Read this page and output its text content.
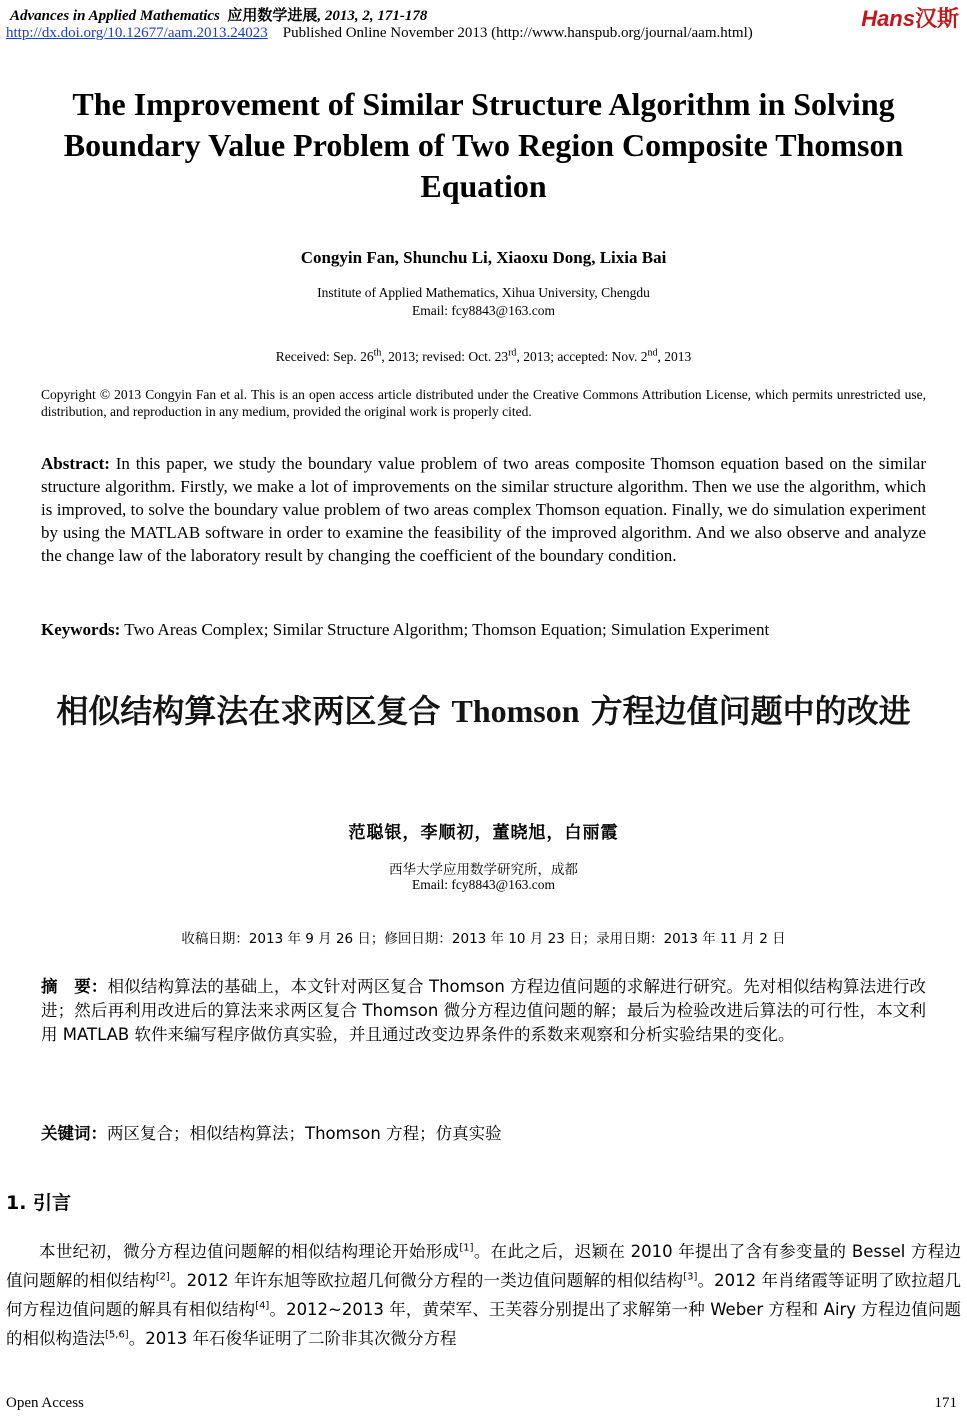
Advances in Applied Mathematics 应用数学进展, 2013, 2, 171-178	Hans汉斯
http://dx.doi.org/10.12677/aam.2013.24023 Published Online November 2013 (http://www.hanspub.org/journal/aam.html)
The Improvement of Similar Structure Algorithm in Solving Boundary Value Problem of Two Region Composite Thomson Equation
Congyin Fan, Shunchu Li, Xiaoxu Dong, Lixia Bai
Institute of Applied Mathematics, Xihua University, Chengdu
Email: fcy8843@163.com
Received: Sep. 26th, 2013; revised: Oct. 23rd, 2013; accepted: Nov. 2nd, 2013
Copyright © 2013 Congyin Fan et al. This is an open access article distributed under the Creative Commons Attribution License, which permits unrestricted use, distribution, and reproduction in any medium, provided the original work is properly cited.
Abstract: In this paper, we study the boundary value problem of two areas composite Thomson equation based on the similar structure algorithm. Firstly, we make a lot of improvements on the similar structure algorithm. Then we use the algorithm, which is improved, to solve the boundary value problem of two areas complex Thomson equation. Finally, we do simulation experiment by using the MATLAB software in order to examine the feasibility of the improved algorithm. And we also observe and analyze the change law of the laboratory result by changing the coefficient of the boundary condition.
Keywords: Two Areas Complex; Similar Structure Algorithm; Thomson Equation; Simulation Experiment
相似结构算法在求两区复合 Thomson 方程边值问题中的改进
范聪银，李顺初，董晓旭，白丽霞
西华大学应用数学研究所，成都
Email: fcy8843@163.com
收稿日期：2013 年 9 月 26 日；修回日期：2013 年 10 月 23 日；录用日期：2013 年 11 月 2 日
摘　要：相似结构算法的基础上，本文针对两区复合 Thomson 方程边值问题的求解进行研究。先对相似结构算法进行改进；然后再利用改进后的算法来求两区复合 Thomson 微分方程边值问题的解；最后为检验改进后算法的可行性，本文利用 MATLAB 软件来编写程序做仿真实验，并且通过改变边界条件的系数来观察和分析实验结果的变化。
关键词：两区复合；相似结构算法；Thomson 方程；仿真实验
1. 引言

本世纪初，微分方程边值问题解的相似结构理论开始形成[1]。在此之后，迟颖在 2010 年提出了含有参变量的 Bessel 方程边值问题解的相似结构[2]。2012 年许东旭等欧拉超几何微分方程的一类边值问题解的相似结构[3]。2012 年肖绪霞等证明了欧拉超几何方程边值问题的解具有相似结构[4]。2012~2013 年，黄荣军、王芙蓉分别提出了求解第一种 Weber 方程和 Airy 方程边值问题的相似构造法[5,6]。2013 年石俊华证明了二阶非其次微分方程

Open Access	171
